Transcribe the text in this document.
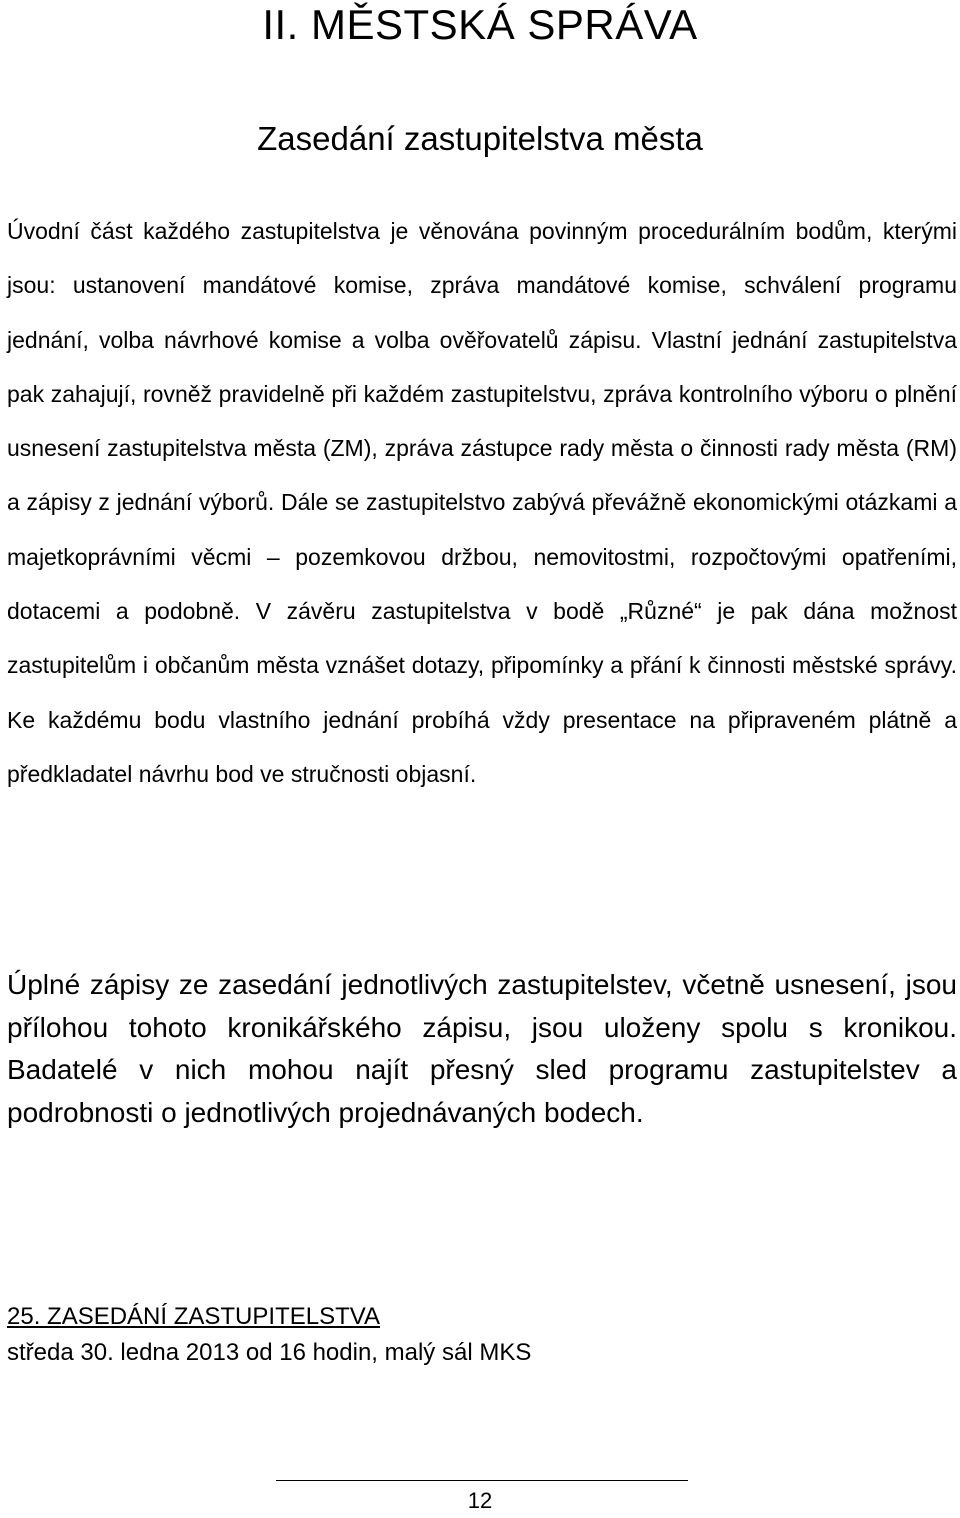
II. MĚSTSKÁ SPRÁVA
Zasedání zastupitelstva města

Úvodní část každého zastupitelstva je věnována povinným procedurálním bodům, kterými jsou: ustanovení mandátové komise, zpráva mandátové komise, schválení programu jednání, volba návrhové komise a volba ověřovatelů zápisu. Vlastní jednání zastupitelstva pak zahajují, rovněž pravidelně při každém zastupitelstvu, zpráva kontrolního výboru o plnění usnesení zastupitelstva města (ZM), zpráva zástupce rady města o činnosti rady města (RM) a zápisy z jednání výborů. Dále se zastupitelstvo zabývá převážně ekonomickými otázkami a majetkoprávními věcmi – pozemkovou držbou, nemovitostmi, rozpočtovými opatřeními, dotacemi a podobně. V závěru zastupitelstva v bodě „Různé“ je pak dána možnost zastupitelům i občanům města vznášet dotazy, připomínky a přání k činnosti městské správy. Ke každému bodu vlastního jednání probíhá vždy presentace na připraveném plátně a předkladatel návrhu bod ve stručnosti objasní.

Úplné zápisy ze zasedání jednotlivých zastupitelstev, včetně usnesení, jsou přílohou tohoto kronikářského zápisu, jsou uloženy spolu s kronikou. Badatelé v nich mohou najít přesný sled programu zastupitelstev a podrobnosti o jednotlivých projednávaných bodech.

25. ZASEDÁNÍ ZASTUPITELSTVA
středa 30. ledna 2013 od 16 hodin, malý sál MKS
12
